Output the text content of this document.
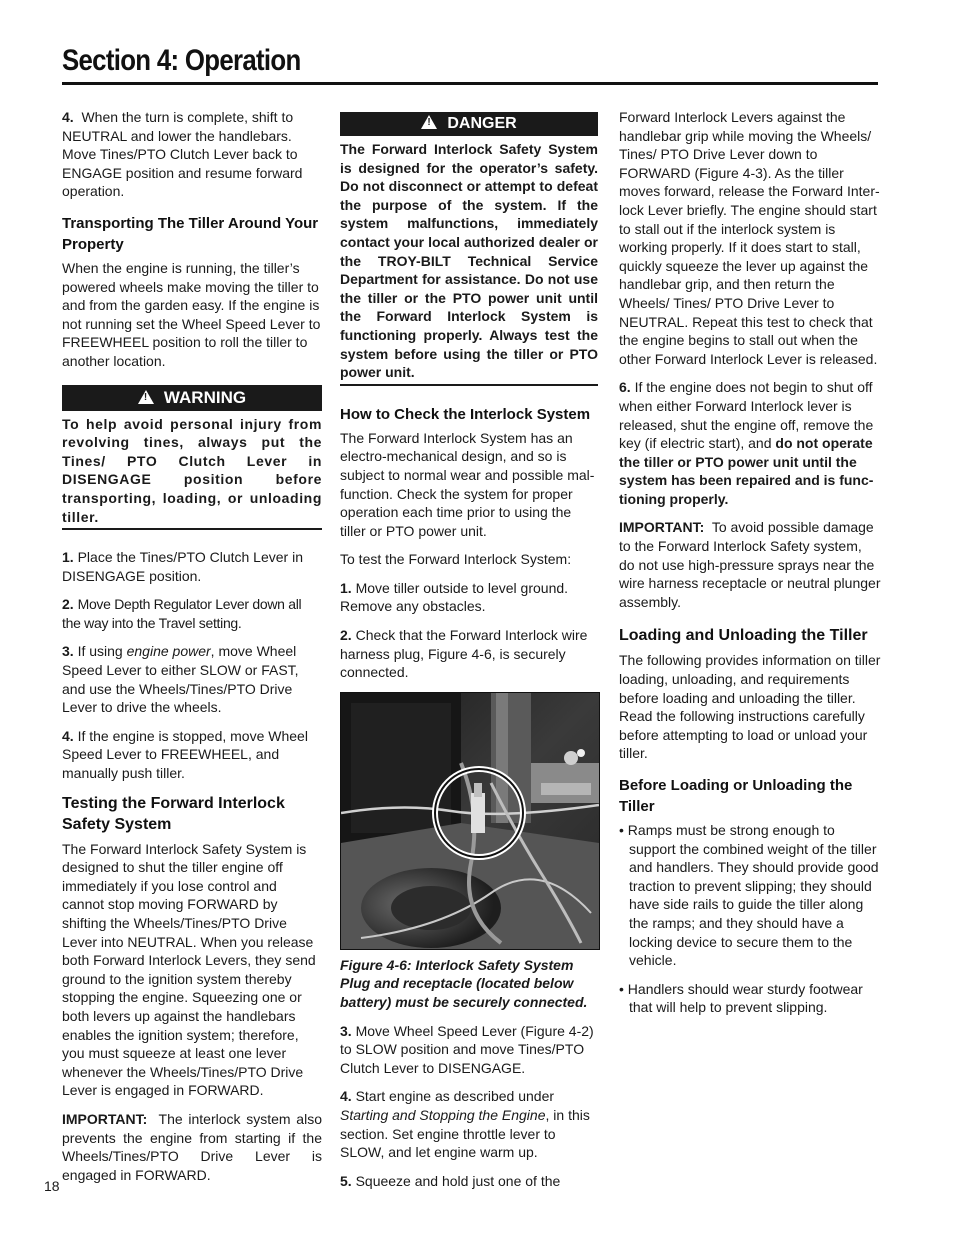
Section 4: Operation

4. When the turn is complete, shift to NEUTRAL and lower the handlebars. Move Tines/PTO Clutch Lever back to ENGAGE position and resume forward operation.

Transporting The Tiller Around Your Property

When the engine is running, the tiller’s powered wheels make moving the tiller to and from the garden easy. If the engine is not running set the Wheel Speed Lever to FREEWHEEL position to roll the tiller to another location.

!WARNING
To help avoid personal injury from revolving tines, always put the Tines/ PTO Clutch Lever in DISENGAGE position before transporting, loading, or unloading tiller.

1. Place the Tines/PTO Clutch Lever in DISENGAGE position.

2. Move Depth Regulator Lever down all the way into the Travel setting.

3. If using engine power, move Wheel Speed Lever to either SLOW or FAST, and use the Wheels/Tines/PTO Drive Lever to drive the wheels.

4. If the engine is stopped, move Wheel Speed Lever to FREEWHEEL, and manually push tiller.

Testing the Forward Interlock Safety System

The Forward Interlock Safety System is designed to shut the tiller engine off immediately if you lose control and cannot stop moving FORWARD by shifting the Wheels/Tines/PTO Drive Lever into NEUTRAL. When you release both Forward Interlock Levers, they send ground to the ignition system thereby stopping the engine. Squeezing one or both levers up against the handlebars enables the ignition system; therefore, you must squeeze at least one lever whenever the Wheels/Tines/PTO Drive Lever is engaged in FORWARD.

IMPORTANT: The interlock system also prevents the engine from starting if the Wheels/Tines/PTO Drive Lever is engaged in FORWARD.

!DANGER
The Forward Interlock Safety System is designed for the operator’s safety. Do not disconnect or attempt to defeat the purpose of the system. If the system malfunctions, immediately contact your local authorized dealer or the TROY-BILT Technical Service Department for assistance. Do not use the tiller or the PTO power unit until the Forward Interlock System is functioning properly. Always test the system before using the tiller or PTO power unit.
How to Check the Interlock System

The Forward Interlock System has an electro-mechanical design, and so is subject to normal wear and possible mal-function. Check the system for proper operation each time prior to using the tiller or PTO power unit.

To test the Forward Interlock System:

1. Move tiller outside to level ground. Remove any obstacles.

2. Check that the Forward Interlock wire harness plug, Figure 4-6, is securely connected.

Figure 4-6: Interlock Safety System Plug and receptacle (located below battery) must be securely connected.

3. Move Wheel Speed Lever (Figure 4-2) to SLOW position and move Tines/PTO Clutch Lever to DISENGAGE.

4. Start engine as described under Starting and Stopping the Engine, in this section. Set engine throttle lever to SLOW, and let engine warm up.

5. Squeeze and hold just one of the

Forward Interlock Levers against the handlebar grip while moving the Wheels/ Tines/ PTO Drive Lever down to FORWARD (Figure 4-3). As the tiller moves forward, release the Forward Inter-lock Lever briefly. The engine should start to stall out if the interlock system is working properly. If it does start to stall, quickly squeeze the lever up against the handlebar grip, and then return the Wheels/ Tines/ PTO Drive Lever to NEUTRAL. Repeat this test to check that the engine begins to stall out when the other Forward Interlock Lever is released.

6. If the engine does not begin to shut off when either Forward Interlock lever is released, shut the engine off, remove the key (if electric start), and do not operate the tiller or PTO power unit until the system has been repaired and is func-tioning properly.

IMPORTANT: To avoid possible damage to the Forward Interlock Safety system, do not use high-pressure sprays near the wire harness receptacle or neutral plunger assembly.

Loading and Unloading the Tiller

The following provides information on tiller loading, unloading, and requirements before loading and unloading the tiller. Read the following instructions carefully before attempting to load or unload your tiller.

Before Loading or Unloading the Tiller

• Ramps must be strong enough to support the combined weight of the tiller and handlers. They should provide good traction to prevent slipping; they should have side rails to guide the tiller along the ramps; and they should have a locking device to secure them to the vehicle.

• Handlers should wear sturdy footwear that will help to prevent slipping.

18
